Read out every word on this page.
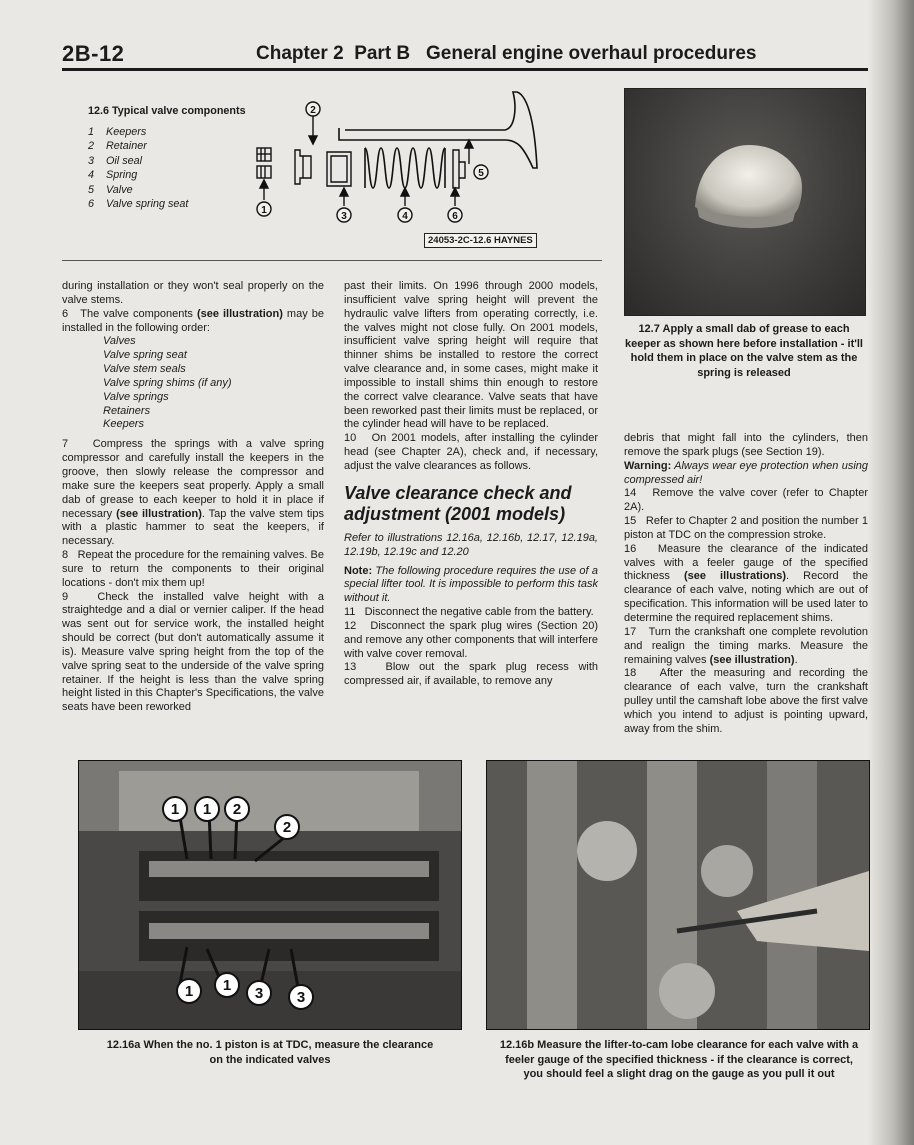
2B-12	Chapter 2  Part B   General engine overhaul procedures
12.6 Typical valve components
1 Keepers
2 Retainer
3 Oil seal
4 Spring
5 Valve
6 Valve spring seat
1
2
3	4
5
6
24053-2C-12.6 HAYNES
12.7 Apply a small dab of grease to each keeper as shown here before installation - it'll hold them in place on the valve stem as the spring is released

during installation or they won't seal properly on the valve stems.

6 The valve components (see illustration) may be installed in the following order:

Valves
Valve spring seat
Valve stem seals
Valve spring shims (if any)
Valve springs
Retainers
Keepers

7 Compress the springs with a valve spring compressor and carefully install the keepers in the groove, then slowly release the compressor and make sure the keepers seat properly. Apply a small dab of grease to each keeper to hold it in place if necessary (see illustration). Tap the valve stem tips with a plastic hammer to seat the keepers, if necessary.

8 Repeat the procedure for the remaining valves. Be sure to return the components to their original locations - don't mix them up!

9	Check the installed valve height with a straightedge and a dial or vernier caliper. If the head was sent out for service work, the installed height should be correct (but don't automatically assume it is). Measure valve spring height from the top of the valve spring seat to the underside of the valve spring retainer. If the height is less than the valve spring height listed in this Chapter's Specifications, the valve seats have been reworked

past their limits. On 1996 through 2000 models, insufficient valve spring height will prevent the hydraulic valve lifters from operating correctly, i.e. the valves might not close fully. On 2001 models, insufficient valve spring height will require that thinner shims be installed to restore the correct valve clearance and, in some cases, might make it impossible to install shims thin enough to restore the correct valve clearance. Valve seats that have been reworked past their limits must be replaced, or the cylinder head will have to be replaced.

10 On 2001 models, after installing the cylinder head (see Chapter 2A), check and, if necessary, adjust the valve clearances as follows.

Valve clearance check and adjustment (2001 models)

Refer to illustrations 12.16a, 12.16b, 12.17, 12.19a, 12.19b, 12.19c and 12.20

Note: The following procedure requires the use of a special lifter tool. It is impossible to perform this task without it.

11 Disconnect the negative cable from the battery.

12 Disconnect the spark plug wires (Section 20) and remove any other components that will interfere with valve cover removal.

13	Blow out the spark plug recess with compressed air, if available, to remove any

debris that might fall into the cylinders, then remove the spark plugs (see Section 19).

Warning: Always wear eye protection when using compressed air!

14 Remove the valve cover (refer to Chapter 2A).

15 Refer to Chapter 2 and position the number 1 piston at TDC on the compression stroke.

16 Measure the clearance of the indicated valves with a feeler gauge of the specified thickness (see illustrations). Record the clearance of each valve, noting which are out of specification. This information will be used later to determine the required replacement shims.

17 Turn the crankshaft one complete revolution and realign the timing marks. Measure the remaining valves (see illustration).

18 After the measuring and recording the clearance of each valve, turn the crankshaft pulley until the camshaft lobe above the first valve which you intend to adjust is pointing upward, away from the shim.

1 1 2
2
1 1 3 3
12.16a When the no. 1 piston is at TDC, measure the clearance on the indicated valves
12.16b Measure the lifter-to-cam lobe clearance for each valve with a feeler gauge of the specified thickness - if the clearance is correct, you should feel a slight drag on the gauge as you pull it out
